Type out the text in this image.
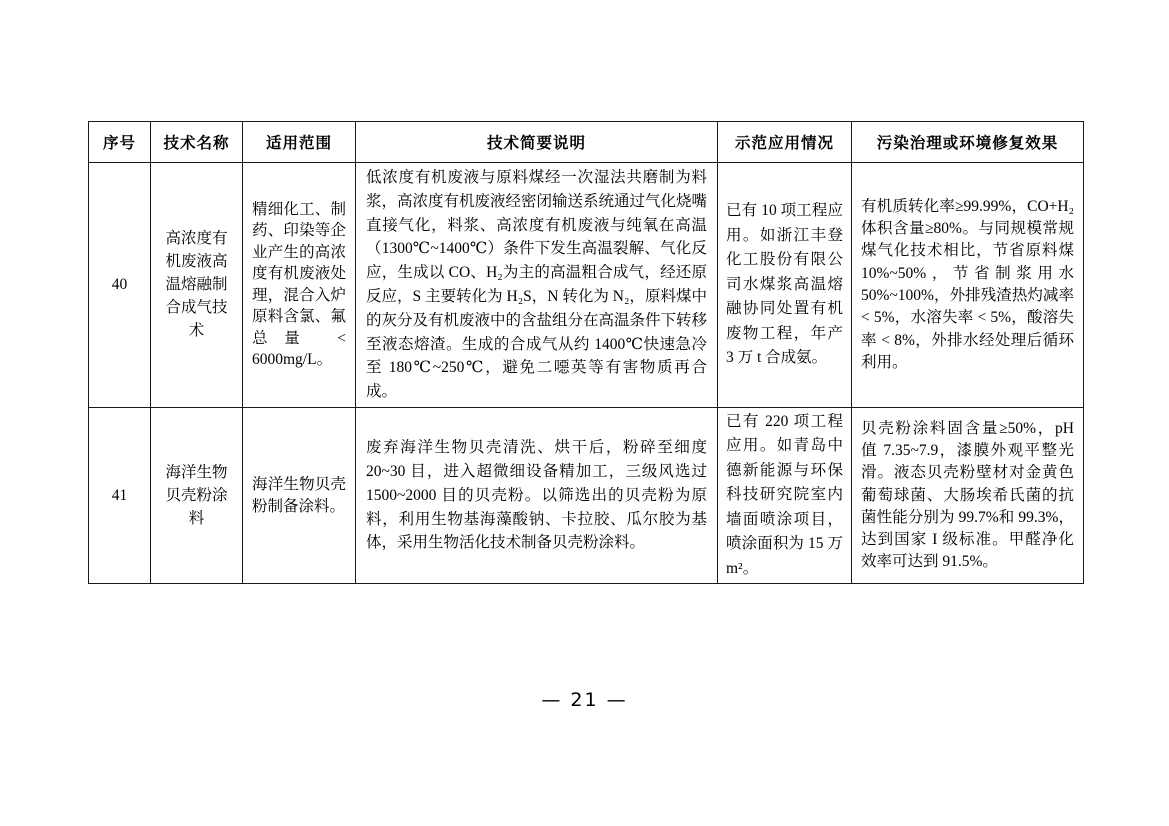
序号	技术名称	适用范围	技术简要说明	示范应用情况	污染治理或环境修复效果
40	高浓度有机废液高温熔融制合成气技术	精细化工、制药、印染等企业产生的高浓度有机废液处理，混合入炉原料含氯、氟总量 < 6000mg/L。	低浓度有机废液与原料煤经一次湿法共磨制为料浆，高浓度有机废液经密闭输送系统通过气化烧嘴直接气化，料浆、高浓度有机废液与纯氧在高温（1300℃~1400℃）条件下发生高温裂解、气化反应，生成以 CO、H₂为主的高温粗合成气，经还原反应，S 主要转化为 H₂S，N 转化为 N₂，原料煤中的灰分及有机废液中的含盐组分在高温条件下转移至液态熔渣。生成的合成气从约 1400℃快速急冷至 180℃~250℃，避免二噁英等有害物质再合成。	已有 10 项工程应用。如浙江丰登化工股份有限公司水煤浆高温熔融协同处置有机废物工程，年产 3 万 t 合成氨。	有机质转化率≥99.99%，CO+H₂体积含量≥80%。与同规模常规煤气化技术相比，节省原料煤 10%~50%，节省制浆用水 50%~100%，外排残渣热灼减率 < 5%，水溶失率 < 5%，酸溶失率 < 8%，外排水经处理后循环利用。
41	海洋生物贝壳粉涂料	海洋生物贝壳粉制备涂料。	废弃海洋生物贝壳清洗、烘干后，粉碎至细度 20~30 目，进入超微细设备精加工，三级风选过 1500~2000 目的贝壳粉。以筛选出的贝壳粉为原料，利用生物基海藻酸钠、卡拉胶、瓜尔胶为基体，采用生物活化技术制备贝壳粉涂料。	已有 220 项工程应用。如青岛中德新能源与环保科技研究院室内墙面喷涂项目，喷涂面积为 15 万 m²。	贝壳粉涂料固含量≥50%，pH 值 7.35~7.9，漆膜外观平整光滑。液态贝壳粉壁材对金黄色葡萄球菌、大肠埃希氏菌的抗菌性能分别为 99.7%和 99.3%，达到国家 I 级标准。甲醛净化效率可达到 91.5%。
— 21 —
